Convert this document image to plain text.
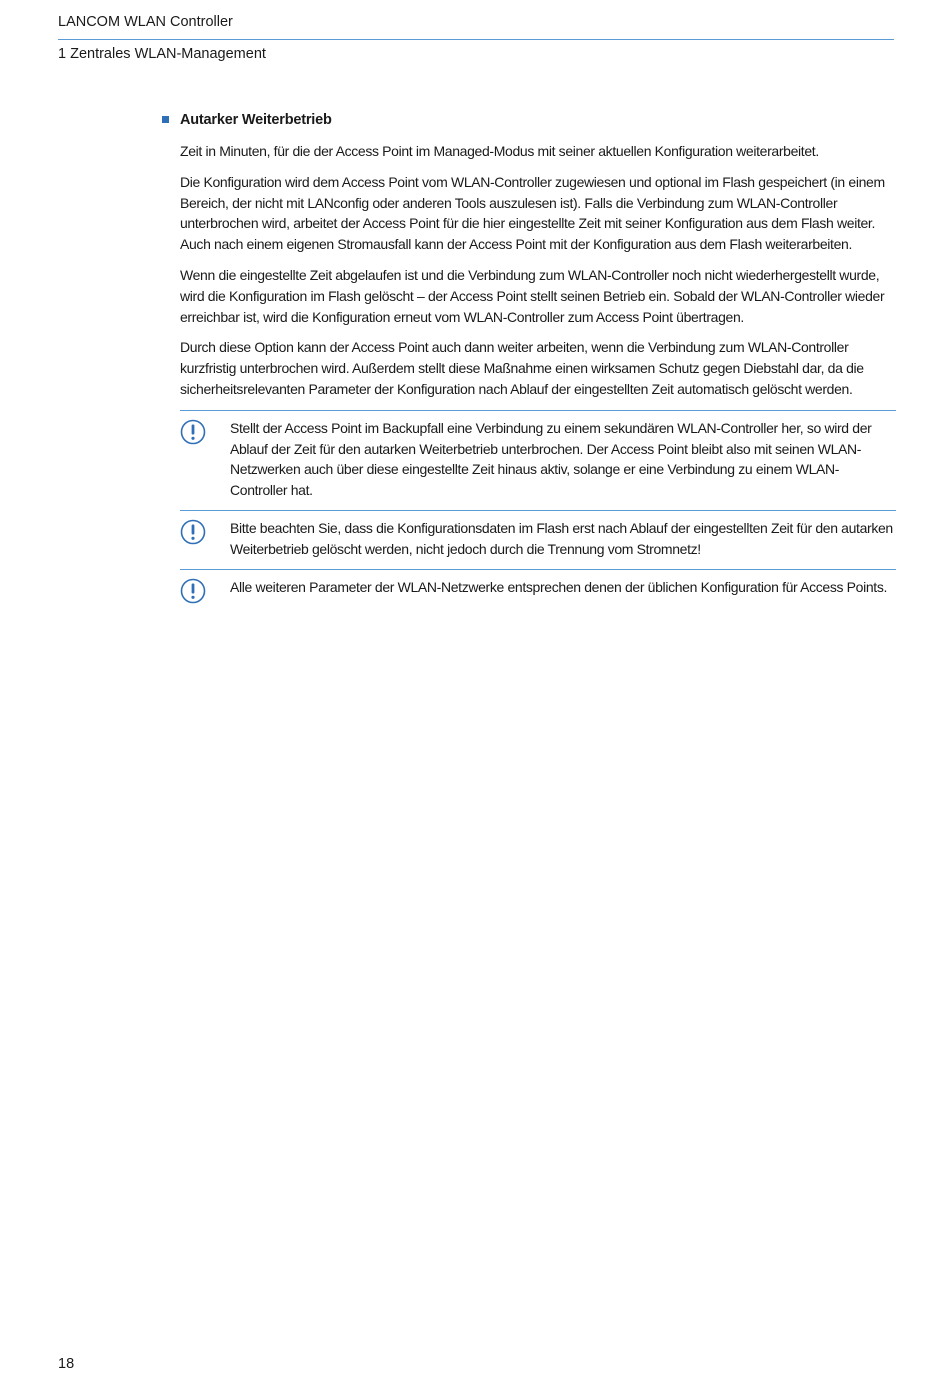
LANCOM WLAN Controller
1 Zentrales WLAN-Management
Autarker Weiterbetrieb

Zeit in Minuten, für die der Access Point im Managed-Modus mit seiner aktuellen Konfiguration weiterarbeitet.

Die Konfiguration wird dem Access Point vom WLAN-Controller zugewiesen und optional im Flash gespeichert (in einem Bereich, der nicht mit LANconfig oder anderen Tools auszulesen ist). Falls die Verbindung zum WLAN-Controller unterbrochen wird, arbeitet der Access Point für die hier eingestellte Zeit mit seiner Konfiguration aus dem Flash weiter. Auch nach einem eigenen Stromausfall kann der Access Point mit der Konfiguration aus dem Flash weiterarbeiten.

Wenn die eingestellte Zeit abgelaufen ist und die Verbindung zum WLAN-Controller noch nicht wiederhergestellt wurde, wird die Konfiguration im Flash gelöscht – der Access Point stellt seinen Betrieb ein. Sobald der WLAN-Controller wieder erreichbar ist, wird die Konfiguration erneut vom WLAN-Controller zum Access Point übertragen.

Durch diese Option kann der Access Point auch dann weiter arbeiten, wenn die Verbindung zum WLAN-Controller kurzfristig unterbrochen wird. Außerdem stellt diese Maßnahme einen wirksamen Schutz gegen Diebstahl dar, da die sicherheitsrelevanten Parameter der Konfiguration nach Ablauf der eingestellten Zeit automatisch gelöscht werden.

Stellt der Access Point im Backupfall eine Verbindung zu einem sekundären WLAN-Controller her, so wird der Ablauf der Zeit für den autarken Weiterbetrieb unterbrochen. Der Access Point bleibt also mit seinen WLAN-Netzwerken auch über diese eingestellte Zeit hinaus aktiv, solange er eine Verbindung zu einem WLAN-Controller hat.

Bitte beachten Sie, dass die Konfigurationsdaten im Flash erst nach Ablauf der eingestellten Zeit für den autarken Weiterbetrieb gelöscht werden, nicht jedoch durch die Trennung vom Stromnetz!

Alle weiteren Parameter der WLAN-Netzwerke entsprechen denen der üblichen Konfiguration für Access Points.

18
